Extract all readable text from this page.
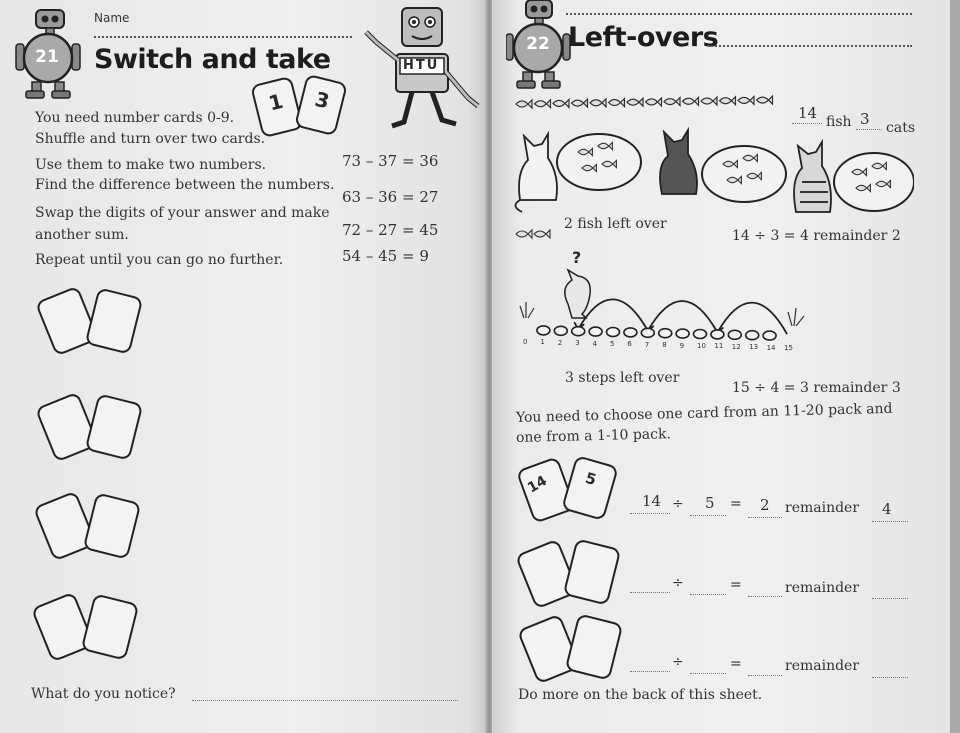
21
Name
Switch and take
1 3
HTU
You need number cards 0-9.
Shuffle and turn over two cards.
Use them to make two numbers.
Find the difference between the numbers.
Swap the digits of your answer and make
another sum.
Repeat until you can go no further.
73 – 37 = 36
63 – 36 = 27
72 – 27 = 45
54 – 45 = 9
What do you notice?
22 Left-overs
14 fish 3 cats
2 fish left over
14 ÷ 3 = 4 remainder 2
0 1 2 3 4 5 6 7 8 9 10 11 12 13 14 15
?
3 steps left over
15 ÷ 4 = 3 remainder 3
You need to choose one card from an 11-20 pack and
one from a 1-10 pack.
14 5
14 ÷ 5 = 2 remainder 4
÷	=	remainder
÷	=	remainder
Do more on the back of this sheet.
